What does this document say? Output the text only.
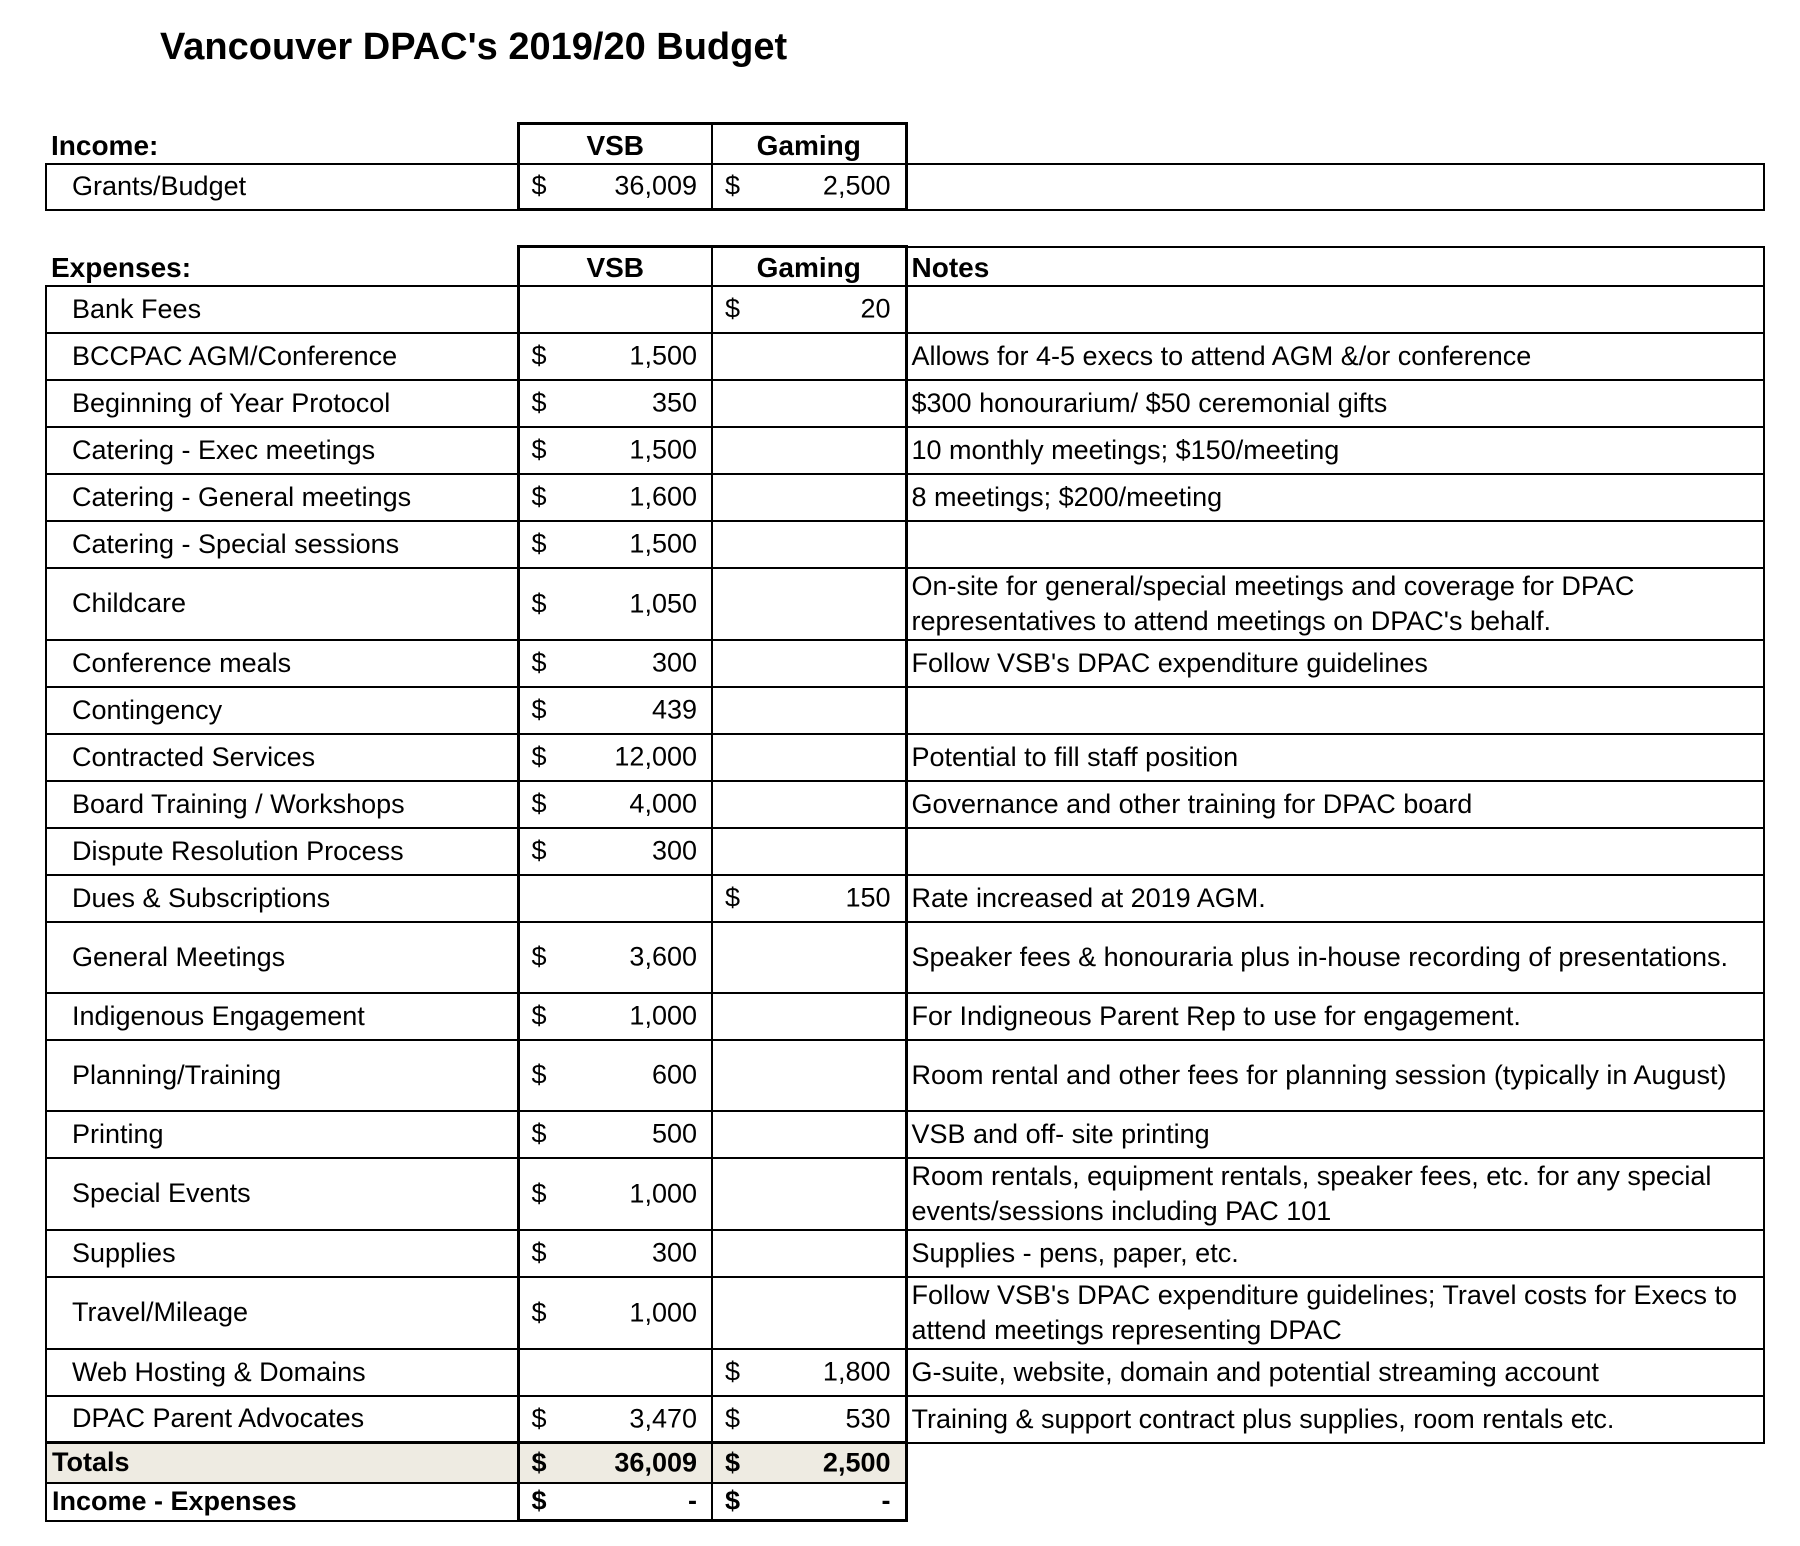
Vancouver DPAC's 2019/20 Budget
Income:	VSB	Gaming	
Grants/Budget	$ 36,009	$ 2,500	

Expenses:	VSB	Gaming	Notes
Bank Fees		$ 20	

BCCPAC AGM/Conference	$ 1,500		Allows for 4-5 execs to attend AGM &/or conference
Beginning of Year Protocol	$ 350		$300 honourarium/ $50 ceremonial gifts
Catering - Exec meetings	$ 1,500		10 monthly meetings; $150/meeting
Catering - General meetings	$ 1,600		8 meetings; $200/meeting
Catering - Special sessions	$ 1,500		

Childcare	$ 1,050		On-site for general/special meetings and coverage for DPAC representatives to attend meetings on DPAC's behalf.
Conference meals	$ 300		Follow VSB's DPAC expenditure guidelines
Contingency	$ 439		

Contracted Services	$ 12,000		Potential to fill staff position
Board Training / Workshops	$ 4,000		Governance and other training for DPAC board
Dispute Resolution Process	$ 300		

Dues & Subscriptions		$ 150	Rate increased at 2019 AGM.
General Meetings	$ 3,600		Speaker fees & honouraria plus in-house recording of presentations.
Indigenous Engagement	$ 1,000		For Indigneous Parent Rep to use for engagement.
Planning/Training	$ 600		Room rental and other fees for planning session (typically in August)
Printing	$ 500		VSB and off- site printing
Special Events	$ 1,000		Room rentals, equipment rentals, speaker fees, etc. for any special events/sessions including PAC 101
Supplies	$ 300		Supplies - pens, paper, etc.
Travel/Mileage	$ 1,000		Follow VSB's DPAC expenditure guidelines; Travel costs for Execs to attend meetings representing DPAC
Web Hosting & Domains		$ 1,800	G-suite, website, domain and potential streaming account
DPAC Parent Advocates	$ 3,470	$ 530	Training & support contract plus supplies, room rentals etc.
Totals	$ 36,009	$ 2,500	

Income - Expenses	$ -	$ -	
